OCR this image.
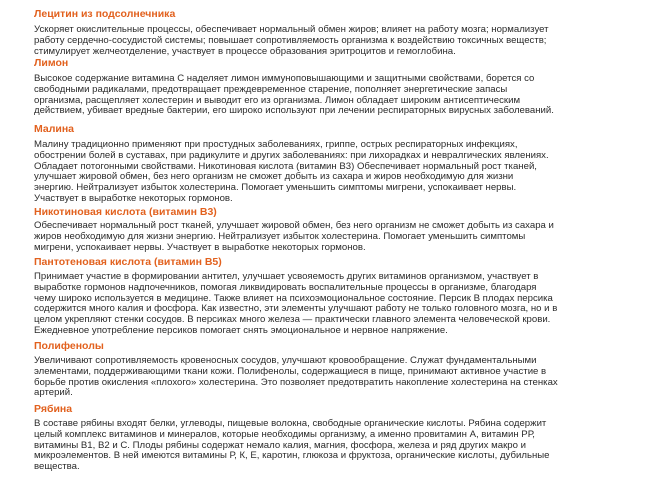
Лецитин из подсолнечника
Ускоряет окислительные процессы, обеспечивает нормальный обмен жиров; влияет на работу мозга; нормализует
работу сердечно-сосудистой системы; повышает сопротивляемость организма к воздействию токсичных веществ;
стимулирует желчеотделение, участвует в процессе образования эритроцитов и гемоглобина.
Лимон
Высокое содержание витамина С наделяет лимон иммуноповышающими и защитными свойствами, борется со
свободными радикалами, предотвращает преждевременное старение, пополняет энергетические запасы
организма, расщепляет холестерин и выводит его из организма. Лимон обладает широким антисептическим
действием, убивает вредные бактерии, его широко используют при лечении респираторных вирусных заболеваний.
Малина
Малину традиционно применяют при простудных заболеваниях, гриппе, острых респираторных инфекциях,
обострении болей в суставах, при радикулите и других заболеваниях: при лихорадках и невралгических явлениях.
Обладает потогонными свойствами. Никотиновая кислота (витамин В3) Обеспечивает нормальный рост тканей,
улучшает жировой обмен, без него организм не сможет добыть из сахара и жиров необходимую для жизни
энергию. Нейтрализует избыток холестерина. Помогает уменьшить симптомы мигрени, успокаивает нервы.
Участвует в выработке некоторых гормонов.
Никотиновая кислота (витамин В3)
Обеспечивает нормальный рост тканей, улучшает жировой обмен, без него организм не сможет добыть из сахара и
жиров необходимую для жизни энергию. Нейтрализует избыток холестерина. Помогает уменьшить симптомы
мигрени, успокаивает нервы. Участвует в выработке некоторых гормонов.
Пантотеновая кислота (витамин В5)
Принимает участие в формировании антител, улучшает усвояемость других витаминов организмом, участвует в
выработке гормонов надпочечников, помогая ликвидировать воспалительные процессы в организме, благодаря
чему широко используется в медицине. Также влияет на психоэмоциональное состояние. Персик В плодах персика
содержится много калия и фосфора. Как известно, эти элементы улучшают работу не только головного мозга, но и в
целом укрепляют стенки сосудов. В персиках много железа — практически главного элемента человеческой крови.
Ежедневное употребление персиков помогает снять эмоциональное и нервное напряжение.
Полифенолы
Увеличивают сопротивляемость кровеносных сосудов, улучшают кровообращение. Служат фундаментальными
элементами, поддерживающими ткани кожи. Полифенолы, содержащиеся в пище, принимают активное участие в
борьбе против окисления «плохого» холестерина. Это позволяет предотвратить накопление холестерина на стенках
артерий.
Рябина
В составе рябины входят белки, углеводы, пищевые волокна, свободные органические кислоты. Рябина содержит
целый комплекс витаминов и минералов, которые необходимы организму, а именно провитамин А, витамин РР,
витамины В1, В2 и С. Плоды рябины содержат немало калия, магния, фосфора, железа и ряд других макро и
микроэлементов. В ней имеются витамины Р, К, Е, каротин, глюкоза и фруктоза, органические кислоты, дубильные
вещества.
